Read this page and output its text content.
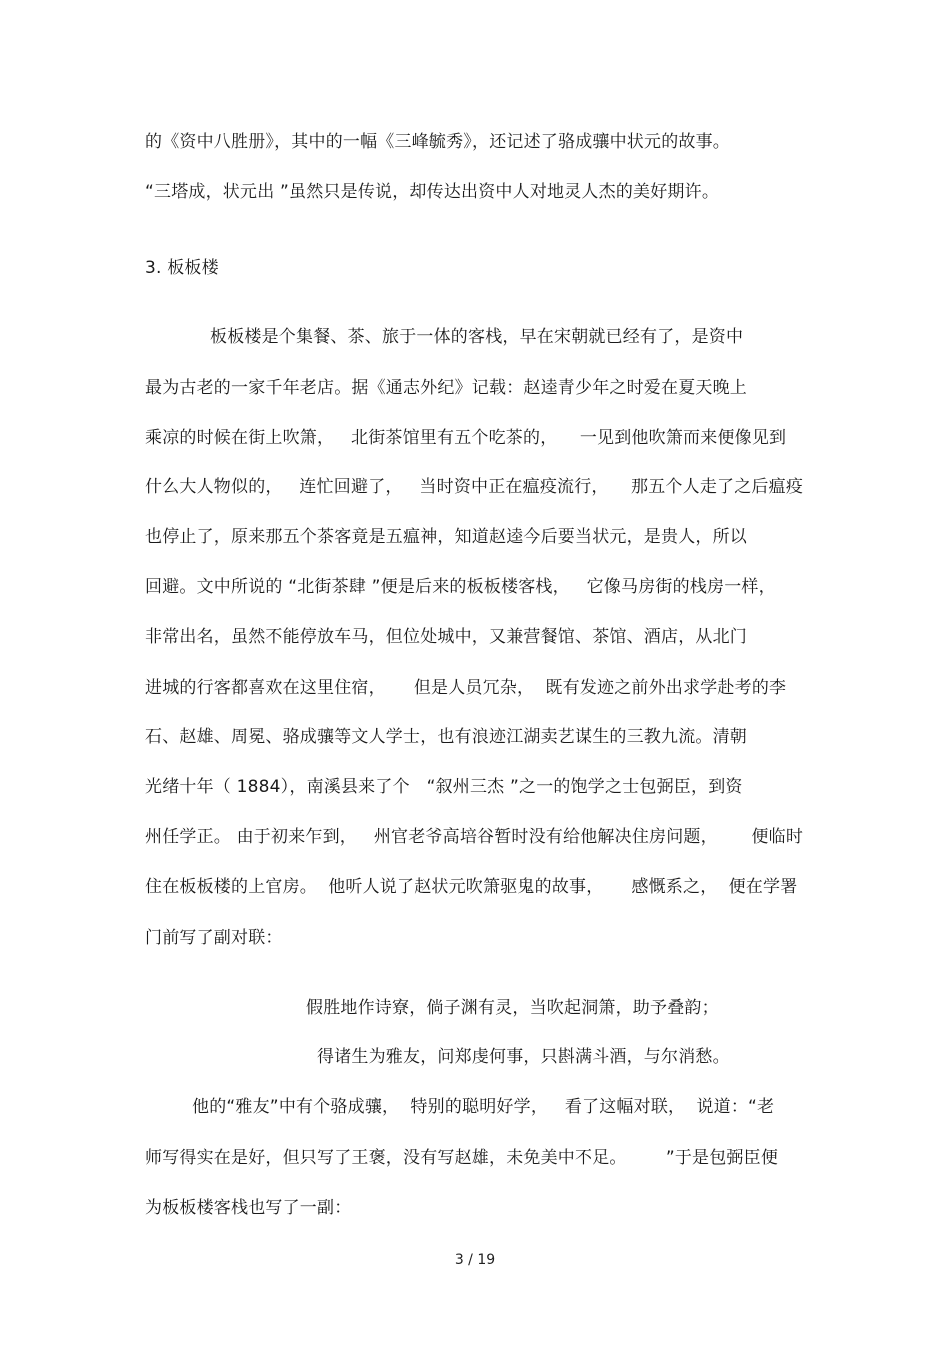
的《资中八胜册》，其中的一幅《三峰毓秀》，还记述了骆成骧中状元的故事。
“三塔成，状元出 ”虽然只是传说，却传达出资中人对地灵人杰的美好期许。
3. 板板楼
板板楼是个集餐、茶、旅于一体的客栈，早在宋朝就已经有了，是资中
最为古老的一家千年老店。据《通志外纪》记载：赵逵青少年之时爱在夏天晚上
乘凉的时候在街上吹箫，   北街茶馆里有五个吃茶的，    一见到他吹箫而来便像见到
什么大人物似的，   连忙回避了，   当时资中正在瘟疫流行，    那五个人走了之后瘟疫
也停止了，原来那五个茶客竟是五瘟神，知道赵逵今后要当状元，是贵人，所以
回避。文中所说的 “北街茶肆 ”便是后来的板板楼客栈，   它像马房街的栈房一样，
非常出名，虽然不能停放车马，但位处城中，又兼营餐馆、茶馆、酒店，从北门
进城的行客都喜欢在这里住宿，     但是人员冗杂，  既有发迹之前外出求学赴考的李
石、赵雄、周冕、骆成骧等文人学士，也有浪迹江湖卖艺谋生的三教九流。清朝
光绪十年（ 1884），南溪县来了个   “叙州三杰 ”之一的饱学之士包弼臣，到资
州任学正。 由于初来乍到，   州官老爷高培谷暂时没有给他解决住房问题，      便临时
住在板板楼的上官房。  他听人说了赵状元吹箫驱鬼的故事，     感慨系之，  便在学署
门前写了副对联：
假胜地作诗寮，倘子渊有灵，当吹起洞箫，助予叠韵；
得诸生为雅友，问郑虔何事，只斟满斗酒，与尔消愁。
他的“雅友”中有个骆成骧，  特别的聪明好学，   看了这幅对联，  说道：“老
师写得实在是好，但只写了王褒，没有写赵雄，未免美中不足。       ”于是包弼臣便
为板板楼客栈也写了一副：
3 / 19
